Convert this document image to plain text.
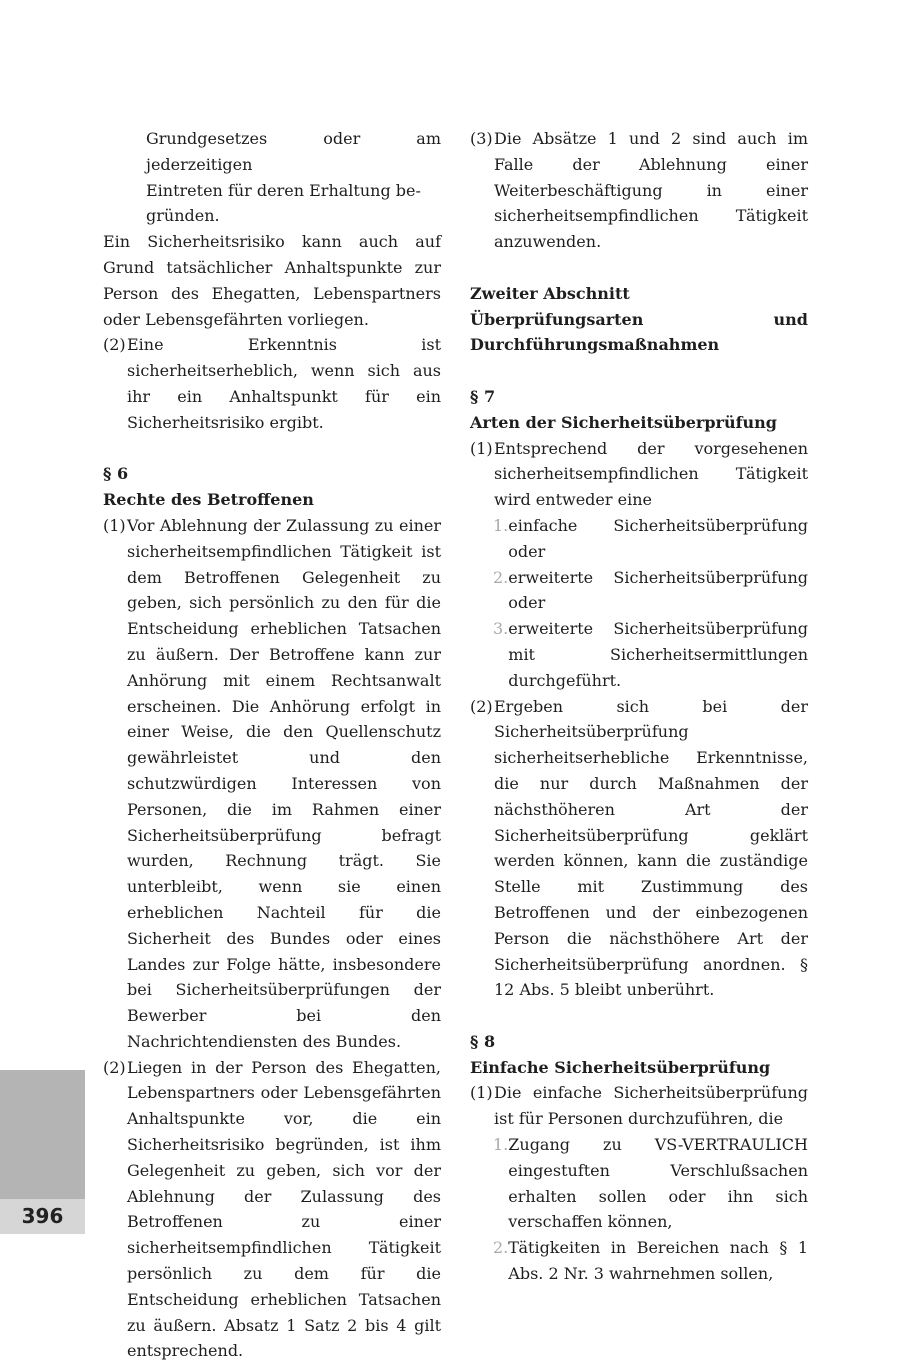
Grundgesetzes oder am jederzeitigen
Eintreten für deren Erhaltung be-
gründen.

Ein Sicherheitsrisiko kann auch auf Grund tatsächlicher Anhaltspunkte zur Person des Ehegatten, Lebenspartners oder Lebensgefährten vorliegen.

(2) Eine Erkenntnis ist sicherheitserheblich, wenn sich aus ihr ein Anhaltspunkt für ein Sicherheitsrisiko ergibt.

§ 6

Rechte des Betroffenen

(1) Vor Ablehnung der Zulassung zu einer sicherheitsempfindlichen Tätigkeit ist dem Betroffenen Gelegenheit zu geben, sich persönlich zu den für die Entscheidung erheblichen Tatsachen zu äußern. Der Betroffene kann zur Anhörung mit einem Rechtsanwalt erscheinen. Die Anhörung erfolgt in einer Weise, die den Quellenschutz gewährleistet und den schutzwürdigen Interessen von Personen, die im Rahmen einer Sicherheitsüberprüfung befragt wurden, Rechnung trägt. Sie unterbleibt, wenn sie einen erheblichen Nachteil für die Sicherheit des Bundes oder eines Landes zur Folge hätte, insbesondere bei Sicherheitsüberprüfungen der Bewerber bei den Nachrichtendiensten des Bundes.
(2) Liegen in der Person des Ehegatten, Lebenspartners oder Lebensgefährten Anhaltspunkte vor, die ein Sicherheitsrisiko begründen, ist ihm Gelegenheit zu geben, sich vor der Ablehnung der Zulassung des Betroffenen zu einer sicherheitsempfindlichen Tätigkeit persönlich zu dem für die Entscheidung erheblichen Tatsachen zu äußern. Absatz 1 Satz 2 bis 4 gilt entsprechend.
(3) Die Absätze 1 und 2 sind auch im Falle der Ablehnung einer Weiterbeschäftigung in einer sicherheitsempfindlichen Tätigkeit anzuwenden.

Zweiter Abschnitt

Überprüfungsarten und Durchführungsmaßnahmen

§ 7

Arten der Sicherheitsüberprüfung

(1) Entsprechend der vorgesehenen sicherheitsempfindlichen Tätigkeit wird entweder eine
1. einfache Sicherheitsüberprüfung oder
2. erweiterte Sicherheitsüberprüfung oder
3. erweiterte Sicherheitsüberprüfung mit Sicherheitsermittlungen durchgeführt.
(2) Ergeben sich bei der Sicherheitsüberprüfung sicherheitserhebliche Erkenntnisse, die nur durch Maßnahmen der nächsthöheren Art der Sicherheitsüberprüfung geklärt werden können, kann die zuständige Stelle mit Zustimmung des Betroffenen und der einbezogenen Person die nächsthöhere Art der Sicherheitsüberprüfung anordnen. § 12 Abs. 5 bleibt unberührt.

§ 8

Einfache Sicherheitsüberprüfung

(1) Die einfache Sicherheitsüberprüfung ist für Personen durchzuführen, die
1. Zugang zu VS-VERTRAULICH eingestuften Verschlußsachen erhalten sollen oder ihn sich verschaffen können,
2. Tätigkeiten in Bereichen nach § 1 Abs. 2 Nr. 3 wahrnehmen sollen,
396
